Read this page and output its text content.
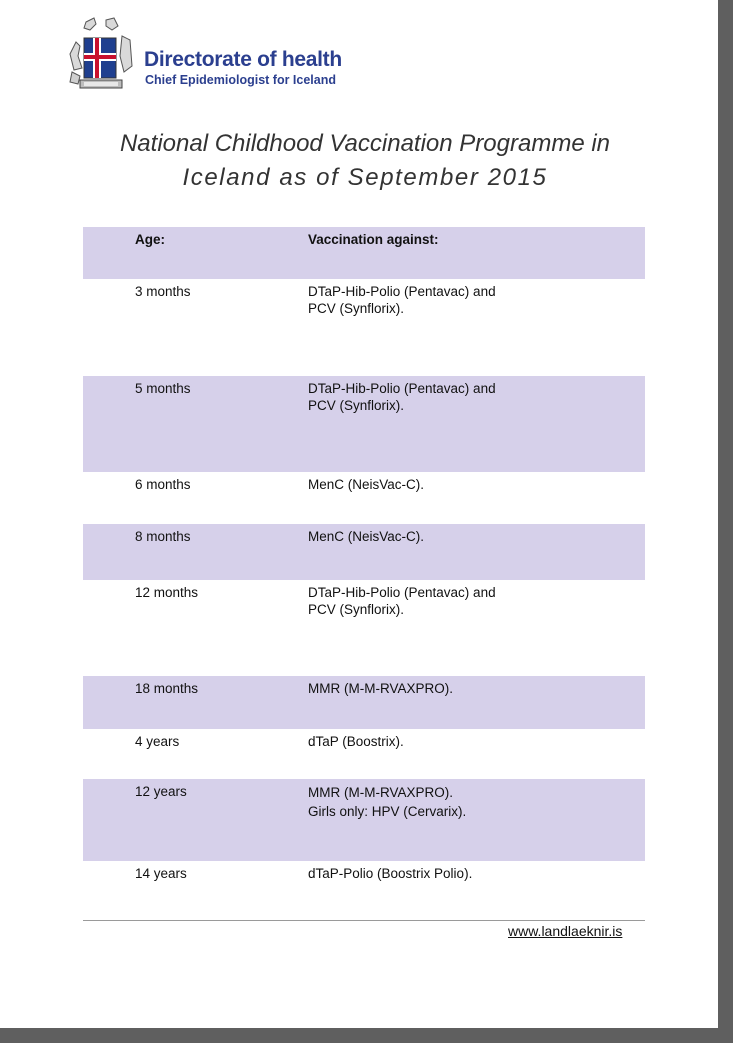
Directorate of health
Chief Epidemiologist for Iceland
National Childhood Vaccination Programme in
Iceland as of September 2015
Age:	Vaccination against:
3 months	DTaP-Hib-Polio (Pentavac) and
PCV (Synflorix).
5 months	DTaP-Hib-Polio (Pentavac) and
PCV (Synflorix).
6 months	MenC (NeisVac-C).
8 months	MenC (NeisVac-C).
12 months	DTaP-Hib-Polio (Pentavac) and
PCV (Synflorix).
18 months	MMR (M-M-RVAXPRO).
4 years	dTaP (Boostrix).
12 years	MMR (M-M-RVAXPRO).
Girls only: HPV (Cervarix).
14 years	dTaP-Polio (Boostrix Polio).
www.landlaeknir.is
